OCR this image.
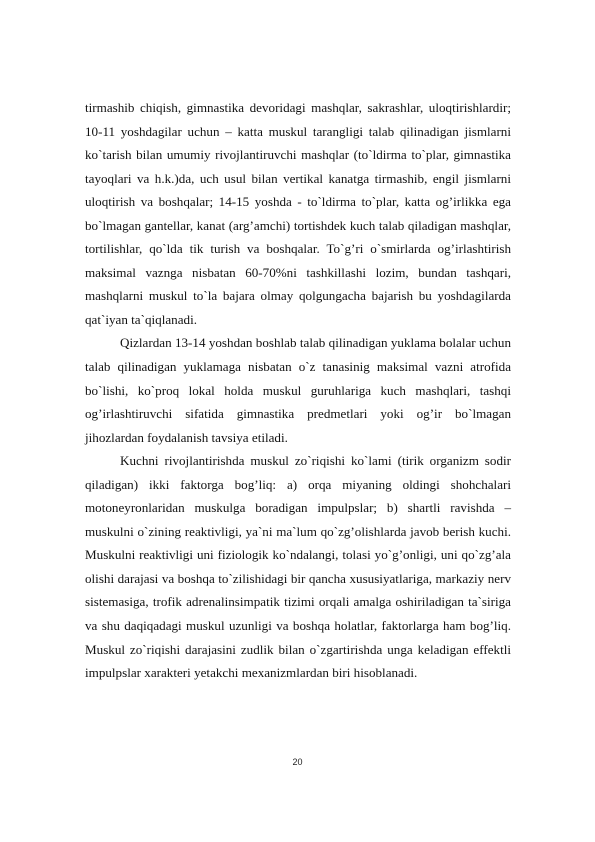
tirmashib chiqish, gimnastika devoridagi mashqlar, sakrashlar, uloqtirishlardir; 10-11 yoshdagilar uchun – katta muskul tarangligi talab qilinadigan jismlarni ko`tarish bilan umumiy rivojlantiruvchi mashqlar (to`ldirma to`plar, gimnastika tayoqlari va h.k.)da, uch usul bilan vertikal kanatga tirmashib, engil jismlarni uloqtirish va boshqalar; 14-15 yoshda - to`ldirma to`plar, katta og’irlikka ega bo`lmagan gantellar, kanat (arg’amchi) tortishdek kuch talab qiladigan mashqlar, tortilishlar, qo`lda tik turish va boshqalar. To`g’ri o`smirlarda og’irlashtirish maksimal vaznga nisbatan 60-70%ni tashkillashi lozim, bundan tashqari, mashqlarni muskul to`la bajara olmay qolgungacha bajarish bu yoshdagilarda qat`iyan ta`qiqlanadi.

Qizlardan 13-14 yoshdan boshlab talab qilinadigan yuklama bolalar uchun talab qilinadigan yuklamaga nisbatan o`z tanasinig maksimal vazni atrofida bo`lishi, ko`proq lokal holda muskul guruhlariga kuch mashqlari, tashqi og’irlashtiruvchi sifatida gimnastika predmetlari yoki og’ir bo`lmagan jihozlardan foydalanish tavsiya etiladi.

Kuchni rivojlantirishda muskul zo`riqishi ko`lami (tirik organizm sodir qiladigan) ikki faktorga bog’liq: a) orqa miyaning oldingi shohchalari motoneyronlaridan muskulga boradigan impulpslar; b) shartli ravishda – muskulni o`zining reaktivligi, ya`ni ma`lum qo`zg’olishlarda javob berish kuchi. Muskulni reaktivligi uni fiziologik ko`ndalangi, tolasi yo`g’onligi, uni qo`zg’ala olishi darajasi va boshqa to`zilishidagi bir qancha xususiyatlariga, markaziy nerv sistemasiga, trofik adrenalinsimpatik tizimi orqali amalga oshiriladigan ta`siriga va shu daqiqadagi muskul uzunligi va boshqa holatlar, faktorlarga ham bog’liq. Muskul zo`riqishi darajasini zudlik bilan o`zgartirishda unga keladigan effektli impulpslar xarakteri yetakchi mexanizmlardan biri hisoblanadi.

20
